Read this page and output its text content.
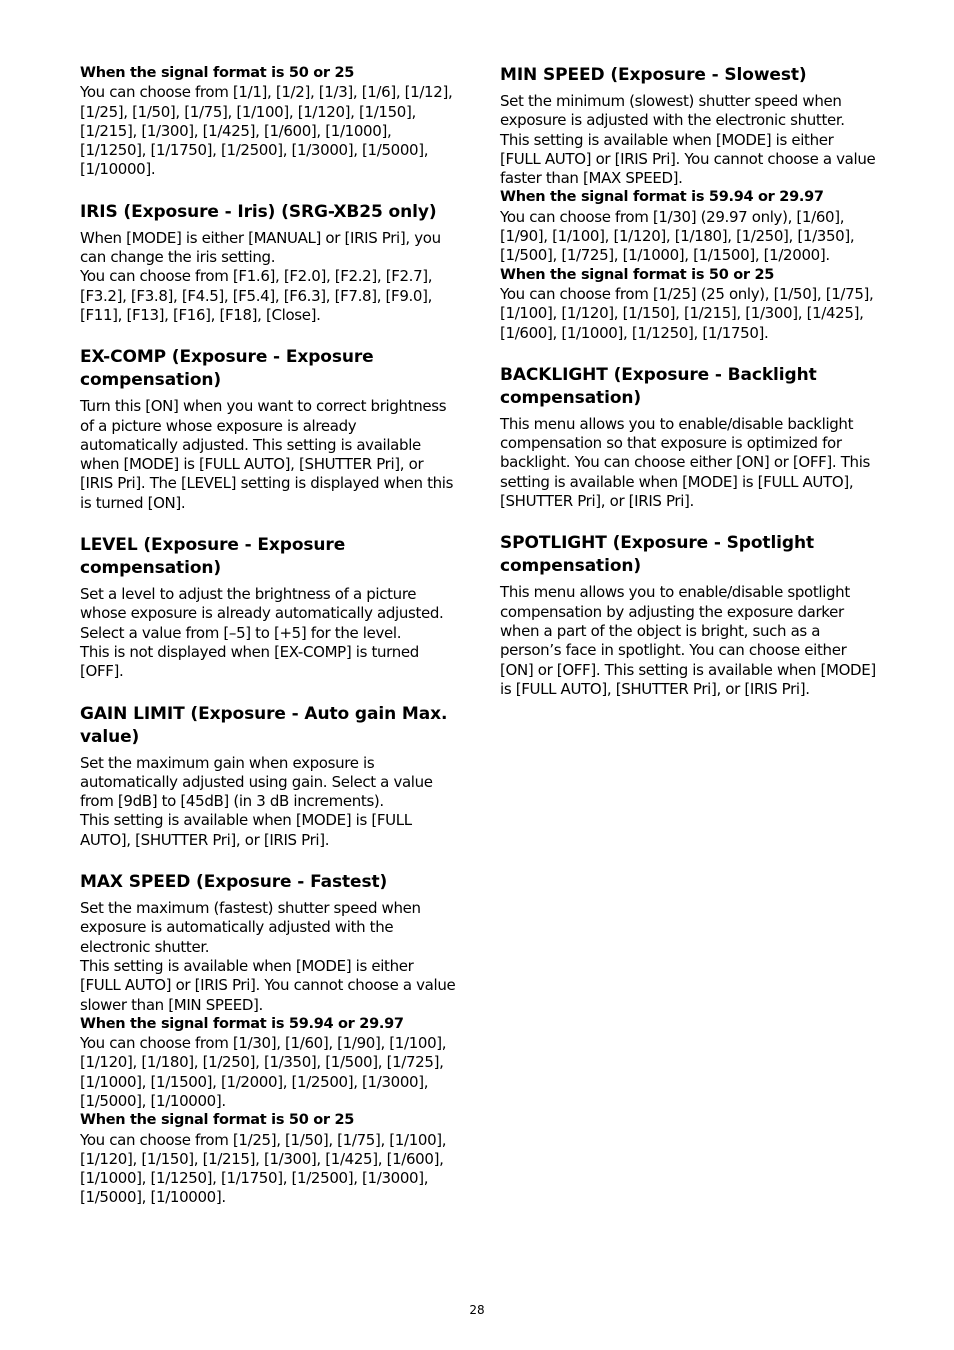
When the signal format is 50 or 25

You can choose from [1/1], [1/2], [1/3], [1/6], [1/12], [1/25], [1/50], [1/75], [1/100], [1/120], [1/150], [1/215], [1/300], [1/425], [1/600], [1/1000], [1/1250], [1/1750], [1/2500], [1/3000], [1/5000], [1/10000].

IRIS (Exposure - Iris) (SRG-XB25 only)

When [MODE] is either [MANUAL] or [IRIS Pri], you can change the iris setting.

You can choose from [F1.6], [F2.0], [F2.2], [F2.7], [F3.2], [F3.8], [F4.5], [F5.4], [F6.3], [F7.8], [F9.0], [F11], [F13], [F16], [F18], [Close].

EX-COMP (Exposure - Exposure compensation)

Turn this [ON] when you want to correct brightness of a picture whose exposure is already automatically adjusted. This setting is available when [MODE] is [FULL AUTO], [SHUTTER Pri], or [IRIS Pri]. The [LEVEL] setting is displayed when this is turned [ON].

LEVEL (Exposure - Exposure compensation)

Set a level to adjust the brightness of a picture whose exposure is already automatically adjusted. Select a value from [–5] to [+5] for the level.

This is not displayed when [EX-COMP] is turned [OFF].

GAIN LIMIT (Exposure - Auto gain Max. value)

Set the maximum gain when exposure is automatically adjusted using gain. Select a value from [9dB] to [45dB] (in 3 dB increments).

This setting is available when [MODE] is [FULL AUTO], [SHUTTER Pri], or [IRIS Pri].

MAX SPEED (Exposure - Fastest)

Set the maximum (fastest) shutter speed when exposure is automatically adjusted with the electronic shutter.

This setting is available when [MODE] is either [FULL AUTO] or [IRIS Pri]. You cannot choose a value slower than [MIN SPEED].

When the signal format is 59.94 or 29.97

You can choose from [1/30], [1/60], [1/90], [1/100], [1/120], [1/180], [1/250], [1/350], [1/500], [1/725], [1/1000], [1/1500], [1/2000], [1/2500], [1/3000], [1/5000], [1/10000].

When the signal format is 50 or 25

You can choose from [1/25], [1/50], [1/75], [1/100], [1/120], [1/150], [1/215], [1/300], [1/425], [1/600], [1/1000], [1/1250], [1/1750], [1/2500], [1/3000], [1/5000], [1/10000].

MIN SPEED (Exposure - Slowest)

Set the minimum (slowest) shutter speed when exposure is adjusted with the electronic shutter. This setting is available when [MODE] is either [FULL AUTO] or [IRIS Pri]. You cannot choose a value faster than [MAX SPEED].

When the signal format is 59.94 or 29.97

You can choose from [1/30] (29.97 only), [1/60], [1/90], [1/100], [1/120], [1/180], [1/250], [1/350], [1/500], [1/725], [1/1000], [1/1500], [1/2000].

When the signal format is 50 or 25

You can choose from [1/25] (25 only), [1/50], [1/75], [1/100], [1/120], [1/150], [1/215], [1/300], [1/425], [1/600], [1/1000], [1/1250], [1/1750].

BACKLIGHT (Exposure - Backlight compensation)

This menu allows you to enable/disable backlight compensation so that exposure is optimized for backlight. You can choose either [ON] or [OFF]. This setting is available when [MODE] is [FULL AUTO], [SHUTTER Pri], or [IRIS Pri].

SPOTLIGHT (Exposure - Spotlight compensation)

This menu allows you to enable/disable spotlight compensation by adjusting the exposure darker when a part of the object is bright, such as a person’s face in spotlight. You can choose either [ON] or [OFF]. This setting is available when [MODE] is [FULL AUTO], [SHUTTER Pri], or [IRIS Pri].

28
